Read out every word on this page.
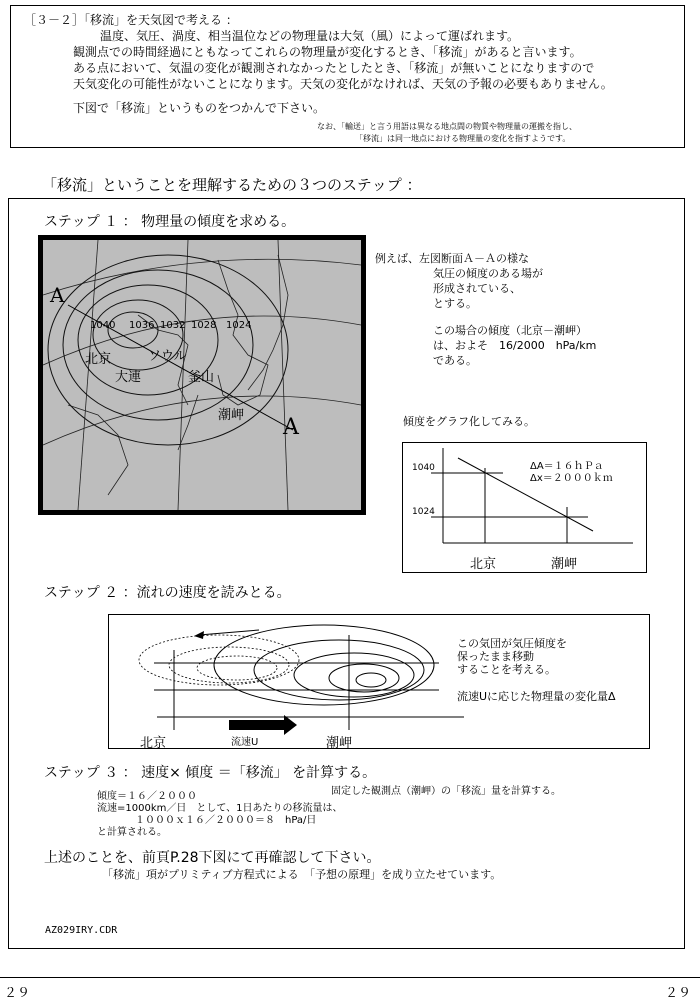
［３－２］「移流」を天気図で考える ：
温度、気圧、渦度、相当温位などの物理量は大気（風）によって運ばれます。
観測点での時間経過にともなってこれらの物理量が変化するとき、「移流」があると言います。
ある点において、気温の変化が観測されなかったとしたとき、「移流」が無いことになりますので
天気変化の可能性がないことになります。天気の変化がなければ、天気の予報の必要もありません。
下図で「移流」というものをつかんで下さい。
なお、「輸送」と言う用語は異なる地点間の物質や物理量の運搬を指し、
「移流」は同一地点における物理量の変化を指すようです。
「移流」ということを理解するための３つのステップ ：
ステップ １ ： 物理量の傾度を求める。
A
A
1040 1036 1032 1028 1024
北京	ソウル
大連	釜山
潮岬
例えば、左図断面Ａ－Ａの様な
気圧の傾度のある場が
形成されている、
とする。
この場合の傾度（北京－潮岬）
は、およそ　16/2000　hPa/km
である。
傾度をグラフ化してみる。
1040
1024
ΔA＝１６ｈＰａ
Δx＝２０００ｋｍ
北京	潮岬
ステップ ２ ：流れの速度を読みとる。
この気団が気圧傾度を
保ったまま移動
することを考える。
流速Uに応じた物理量の変化量Δ
北京	流速U	潮岬
ステップ ３ ： 速度× 傾度 ＝「移流」 を計算する。
傾度＝１６／２０００	固定した観測点（潮岬）の「移流」量を計算する。
流速=1000km／日　として、1日あたりの移流量は、
１０００ｘ１６／２０００＝８　hPa/日
と計算される。
上述のことを、前頁P.28下図にて再確認して下さい。
「移流」項がプリミティブ方程式による　「予想の原理」を成り立たせています。
AZ029IRY.CDR
２９	２９
